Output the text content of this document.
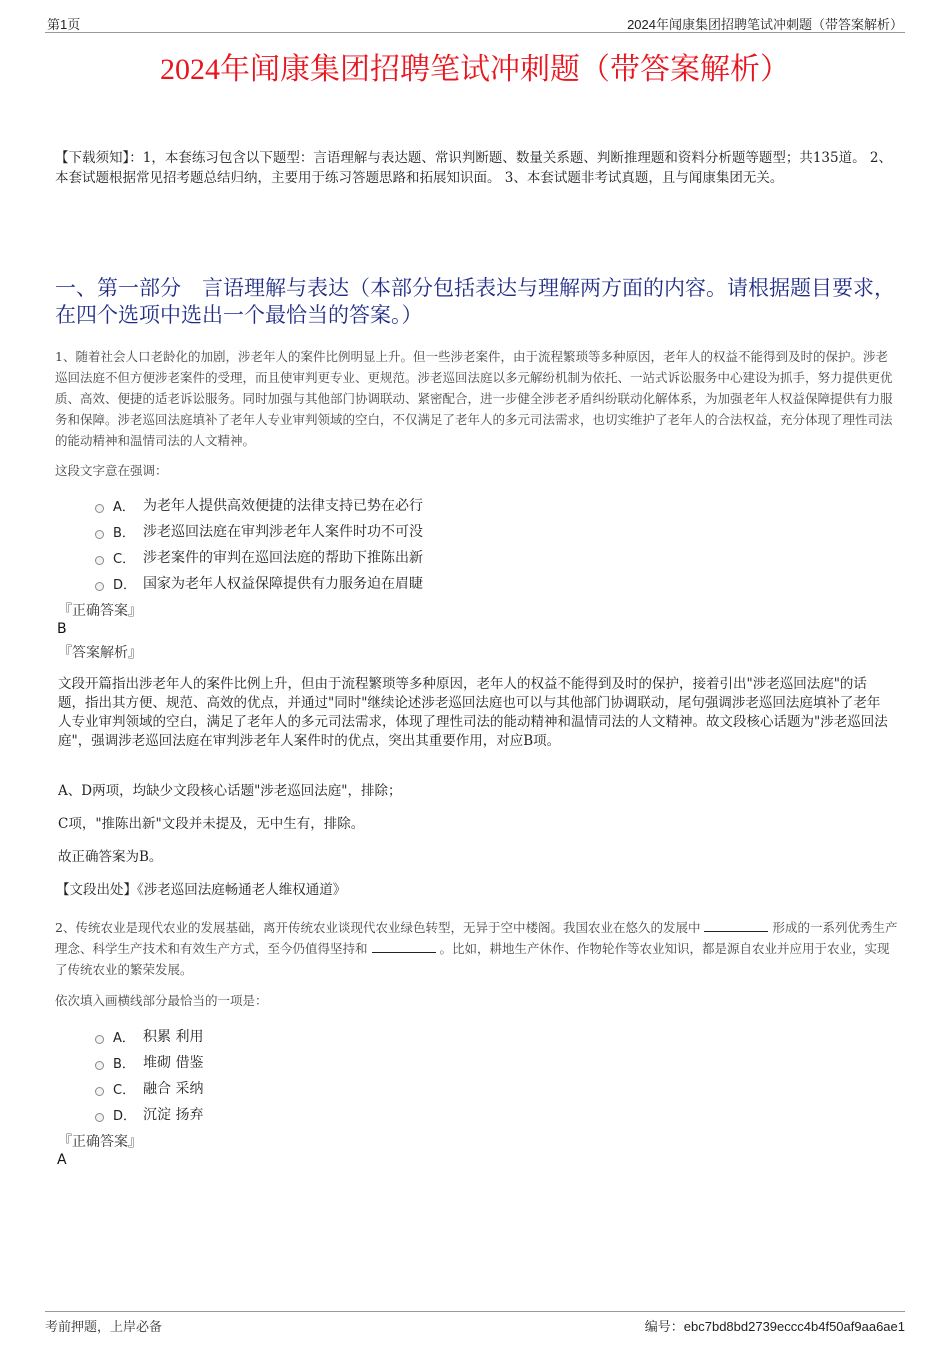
第1页	2024年闻康集团招聘笔试冲刺题（带答案解析）
2024年闻康集团招聘笔试冲刺题（带答案解析）
【下载须知】：1，本套练习包含以下题型：言语理解与表达题、常识判断题、数量关系题、判断推理题和资料分析题等题型；共135道。 2、本套试题根据常见招考题总结归纳，主要用于练习答题思路和拓展知识面。 3、本套试题非考试真题，且与闻康集团无关。
一、第一部分　言语理解与表达（本部分包括表达与理解两方面的内容。请根据题目要求，在四个选项中选出一个最恰当的答案。）
1、随着社会人口老龄化的加剧，涉老年人的案件比例明显上升。但一些涉老案件，由于流程繁琐等多种原因，老年人的权益不能得到及时的保护。涉老巡回法庭不但方便涉老案件的受理，而且使审判更专业、更规范。涉老巡回法庭以多元解纷机制为依托、一站式诉讼服务中心建设为抓手，努力提供更优质、高效、便捷的适老诉讼服务。同时加强与其他部门协调联动、紧密配合，进一步健全涉老矛盾纠纷联动化解体系，为加强老年人权益保障提供有力服务和保障。涉老巡回法庭填补了老年人专业审判领域的空白，不仅满足了老年人的多元司法需求，也切实维护了老年人的合法权益，充分体现了理性司法的能动精神和温情司法的人文精神。
这段文字意在强调：
A． 为老年人提供高效便捷的法律支持已势在必行
B． 涉老巡回法庭在审判涉老年人案件时功不可没
C． 涉老案件的审判在巡回法庭的帮助下推陈出新
D． 国家为老年人权益保障提供有力服务迫在眉睫
『正确答案』
B
『答案解析』
文段开篇指出涉老年人的案件比例上升，但由于流程繁琐等多种原因，老年人的权益不能得到及时的保护，接着引出"涉老巡回法庭"的话题，指出其方便、规范、高效的优点，并通过"同时"继续论述涉老巡回法庭也可以与其他部门协调联动，尾句强调涉老巡回法庭填补了老年人专业审判领域的空白，满足了老年人的多元司法需求，体现了理性司法的能动精神和温情司法的人文精神。故文段核心话题为"涉老巡回法庭"，强调涉老巡回法庭在审判涉老年人案件时的优点，突出其重要作用，对应B项。
A、D两项，均缺少文段核心话题"涉老巡回法庭"，排除；
C项，"推陈出新"文段并未提及，无中生有，排除。
故正确答案为B。
【文段出处】《涉老巡回法庭畅通老人维权通道》
2、传统农业是现代农业的发展基础，离开传统农业谈现代农业绿色转型，无异于空中楼阁。我国农业在悠久的发展中	形成的一系列优秀生产理念、科学生产技术和有效生产方式，至今仍值得坚持和	。比如，耕地生产休作、作物轮作等农业知识，都是源自农业并应用于农业，实现了传统农业的繁荣发展。
依次填入画横线部分最恰当的一项是：
A． 积累 利用
B． 堆砌 借鉴
C． 融合 采纳
D． 沉淀 扬弃
『正确答案』
A
考前押题，上岸必备	编号：ebc7bd8bd2739eccc4b4f50af9aa6ae1
